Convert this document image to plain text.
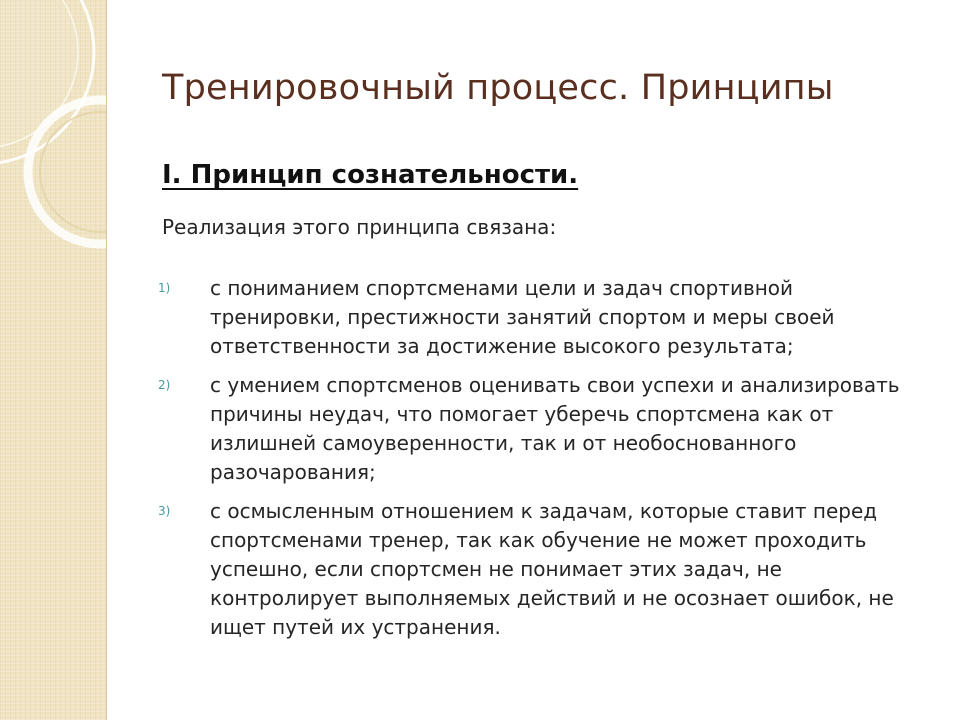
Тренировочный процесс. Принципы
I. Принцип сознательности.

Реализация этого принципа связана:

1)	с пониманием спортсменами цели и задач спортивной тренировки, престижности занятий спортом и меры своей ответственности за достижение высокого результата;
2)	с умением спортсменов оценивать свои успехи и анализировать причины неудач, что помогает уберечь спортсмена как от излишней самоуверенности, так и от необоснованного разочарования;
3)	с осмысленным отношением к задачам, которые ставит перед спортсменами тренер, так как обучение не может проходить успешно, если спортсмен не понимает этих задач, не контролирует выполняемых действий и не осознает ошибок, не ищет путей их устранения.
